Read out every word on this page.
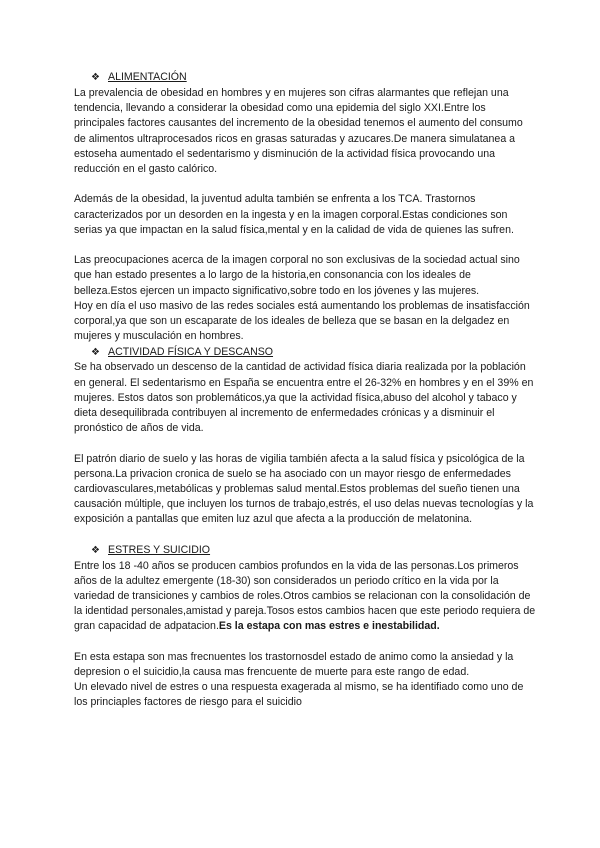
❖ ALIMENTACIÓN

La prevalencia de obesidad en hombres y en mujeres son cifras alarmantes que reflejan una tendencia, llevando a considerar la obesidad como una epidemia del siglo XXI.Entre los principales factores causantes del incremento de la obesidad tenemos el aumento del consumo de alimentos ultraprocesados ricos en grasas saturadas y azucares.De manera simulatanea a estoseha aumentado el sedentarismo y disminución de la actividad física provocando una reducción en el gasto calórico.

Además de la obesidad, la juventud adulta también se enfrenta a los TCA. Trastornos caracterizados por un desorden en la ingesta y en la imagen corporal.Estas condiciones son serias ya que impactan en la salud física,mental y en la calidad de vida de quienes las sufren.

Las preocupaciones acerca de la imagen corporal no son exclusivas de la sociedad actual sino que han estado presentes a lo largo de la historia,en consonancia con los ideales de belleza.Estos ejercen un impacto significativo,sobre todo en los jóvenes y las mujeres.

Hoy en día el uso masivo de las redes sociales está aumentando los problemas de insatisfacción corporal,ya que son un escaparate de los ideales de belleza que se basan en la delgadez en mujeres y musculación en hombres.

❖ ACTIVIDAD FÍSICA Y DESCANSO

Se ha observado un descenso de la cantidad de actividad física diaria realizada por la población en general. El sedentarismo en España se encuentra entre el 26-32% en hombres y en el 39% en mujeres. Estos datos son problemáticos,ya que la actividad física,abuso del alcohol y tabaco y dieta desequilibrada contribuyen al incremento de enfermedades crónicas y a disminuir el pronóstico de años de vida.

El patrón diario de suelo y las horas de vigilia también afecta a la salud física y psicológica de la persona.La privacion cronica de suelo se ha asociado con un mayor riesgo de enfermedades cardiovasculares,metabólicas y problemas salud mental.Estos problemas del sueño tienen una causación múltiple, que incluyen los turnos de trabajo,estrés, el uso delas nuevas tecnologías y la exposición a pantallas que emiten luz azul que afecta a la producción de melatonina.

❖ ESTRES Y SUICIDIO

Entre los 18 -40 años se producen cambios profundos en la vida de las personas.Los primeros años de la adultez emergente (18-30) son considerados un periodo crítico en la vida por la variedad de transiciones y cambios de roles.Otros cambios se relacionan con la consolidación de la identidad personales,amistad y pareja.Tosos estos cambios hacen que este periodo requiera de gran capacidad de adpatacion.Es la estapa con mas estres e inestabilidad.

En esta estapa son mas frecnuentes los trastornosdel estado de animo como la ansiedad y la depresion o el suicidio,la causa mas frencuente de muerte para este rango de edad.

Un elevado nivel de estres o una respuesta exagerada al mismo, se ha identifiado como uno de los princiaples factores de riesgo para el suicidio
